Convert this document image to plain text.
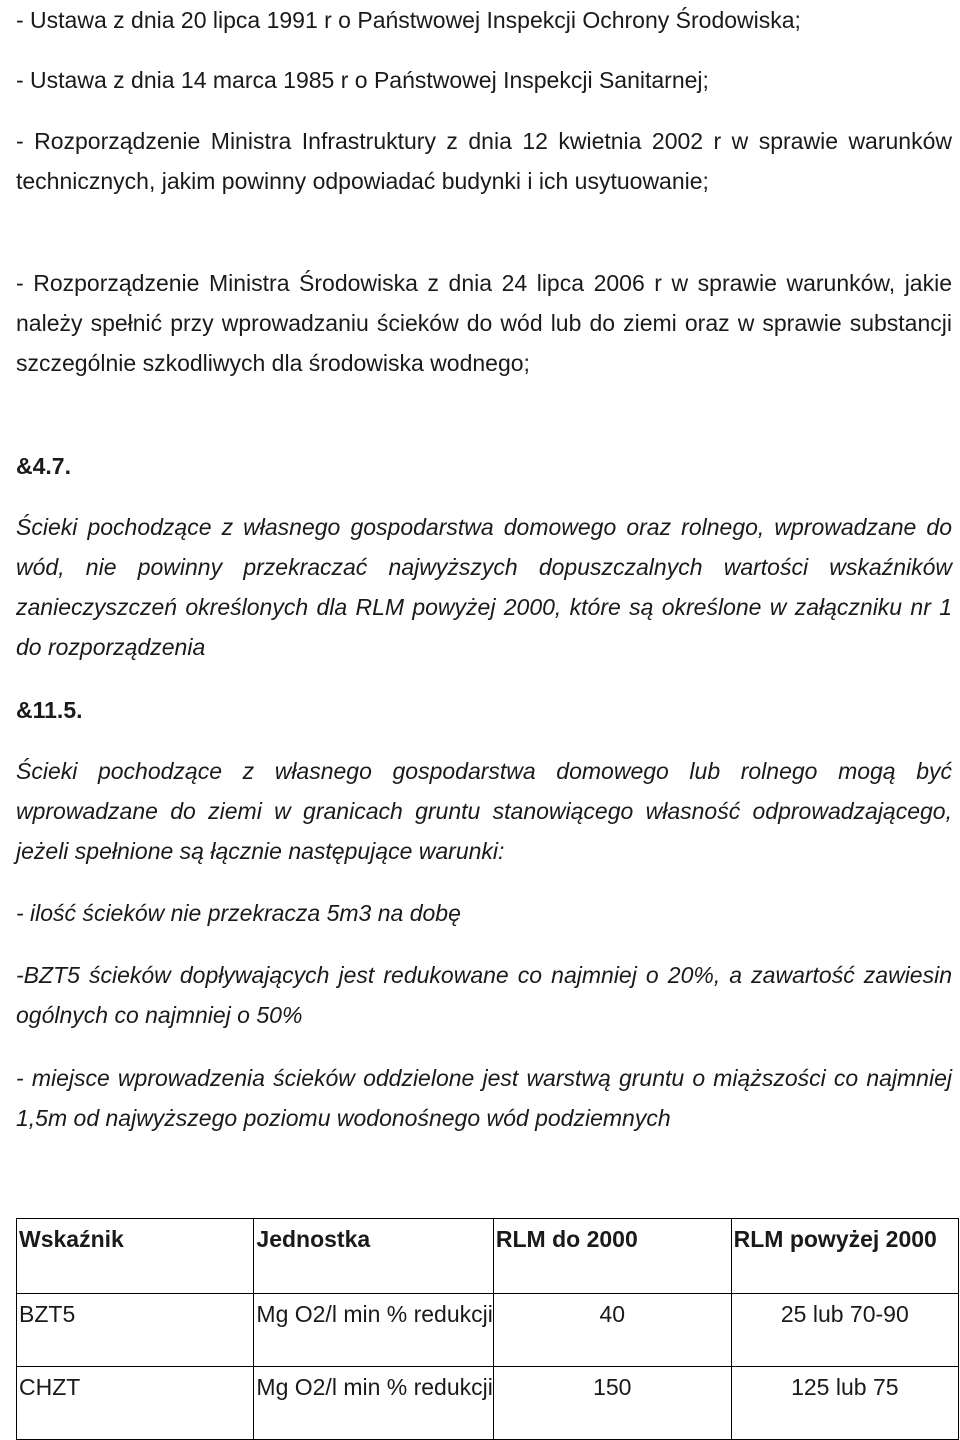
- Ustawa z dnia 20 lipca 1991 r o Państwowej Inspekcji Ochrony Środowiska;

- Ustawa z dnia 14 marca 1985 r o Państwowej Inspekcji Sanitarnej;

- Rozporządzenie Ministra Infrastruktury z dnia 12 kwietnia 2002 r w sprawie warunków technicznych, jakim powinny odpowiadać budynki i ich usytuowanie;

- Rozporządzenie Ministra Środowiska z dnia 24 lipca 2006 r w sprawie warunków, jakie należy spełnić przy wprowadzaniu ścieków do wód lub do ziemi oraz w sprawie substancji szczególnie szkodliwych dla środowiska wodnego;

&4.7.

Ścieki pochodzące z własnego gospodarstwa domowego oraz rolnego, wprowadzane do wód, nie powinny przekraczać najwyższych dopuszczalnych wartości wskaźników zanieczyszczeń określonych dla RLM powyżej 2000, które są określone w załączniku nr 1 do rozporządzenia

&11.5.

Ścieki pochodzące z własnego gospodarstwa domowego lub rolnego mogą być wprowadzane do ziemi w granicach gruntu stanowiącego własność odprowadzającego, jeżeli spełnione są łącznie następujące warunki:

- ilość ścieków nie przekracza 5m3 na dobę

-BZT5 ścieków dopływających jest redukowane co najmniej o 20%, a zawartość zawiesin ogólnych co najmniej o 50%

- miejsce wprowadzenia ścieków oddzielone jest warstwą gruntu o miąższości co najmniej 1,5m od najwyższego poziomu wodonośnego wód podziemnych

Wskaźnik	Jednostka	RLM do 2000	RLM powyżej 2000
BZT5	Mg O2/l min % redukcji	40	25 lub 70-90
CHZT	Mg O2/l min % redukcji	150	125 lub 75
